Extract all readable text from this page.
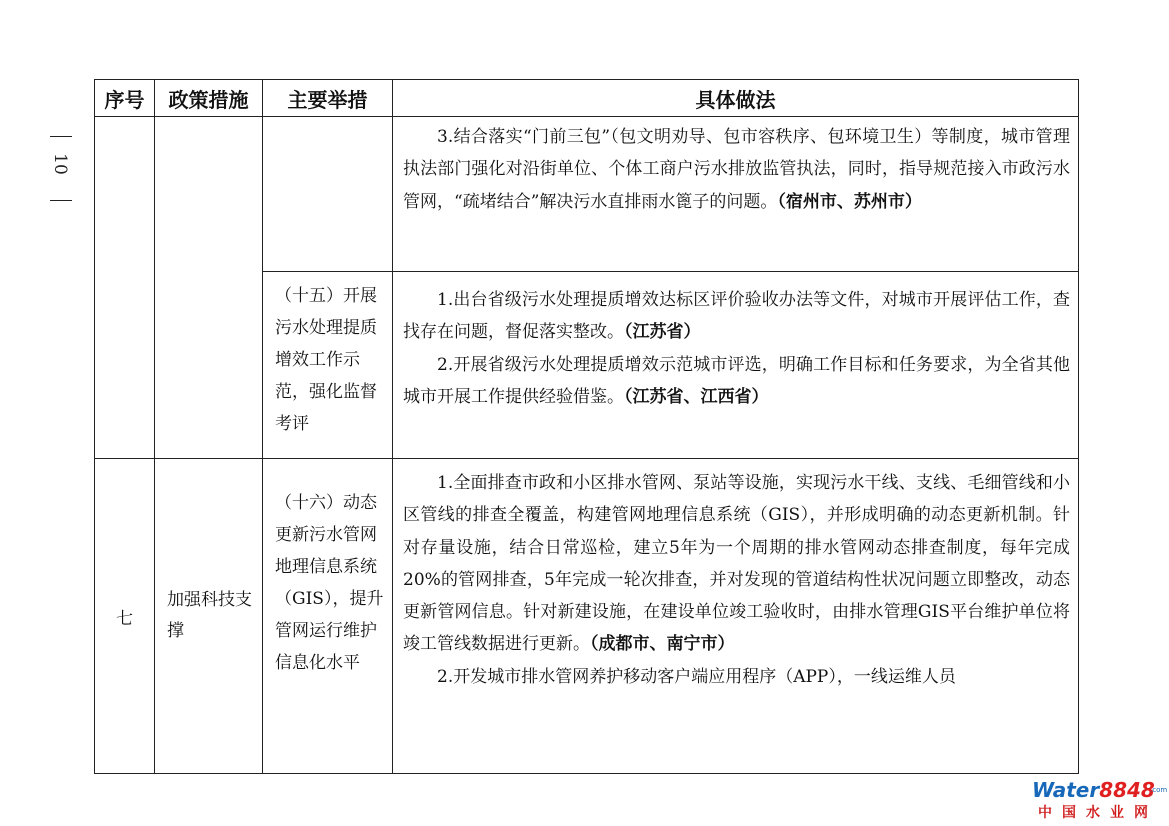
10
序号	政策措施	主要举措	具体做法

			3.结合落实“门前三包”（包文明劝导、包市容秩序、包环境卫生）等制度，城市管理执法部门强化对沿街单位、个体工商户污水排放监管执法，同时，指导规范接入市政污水管网，“疏堵结合”解决污水直排雨水篦子的问题。（宿州市、苏州市）

		（十五）开展污水处理提质增效工作示范，强化监督考评	1.出台省级污水处理提质增效达标区评价验收办法等文件，对城市开展评估工作，查找存在问题，督促落实整改。（江苏省）

2.开展省级污水处理提质增效示范城市评选，明确工作目标和任务要求，为全省其他城市开展工作提供经验借鉴。（江苏省、江西省）

七	加强科技支撑	（十六）动态更新污水管网地理信息系统（GIS），提升管网运行维护信息化水平	1.全面排查市政和小区排水管网、泵站等设施，实现污水干线、支线、毛细管线和小区管线的排查全覆盖，构建管网地理信息系统（GIS），并形成明确的动态更新机制。针对存量设施，结合日常巡检，建立5年为一个周期的排水管网动态排查制度，每年完成20%的管网排查，5年完成一轮次排查，并对发现的管道结构性状况问题立即整改，动态更新管网信息。针对新建设施，在建设单位竣工验收时，由排水管理GIS平台维护单位将竣工管线数据进行更新。（成都市、南宁市）

2.开发城市排水管网养护移动客户端应用程序（APP），一线运维人员

Water8848
.com
中国水业网
